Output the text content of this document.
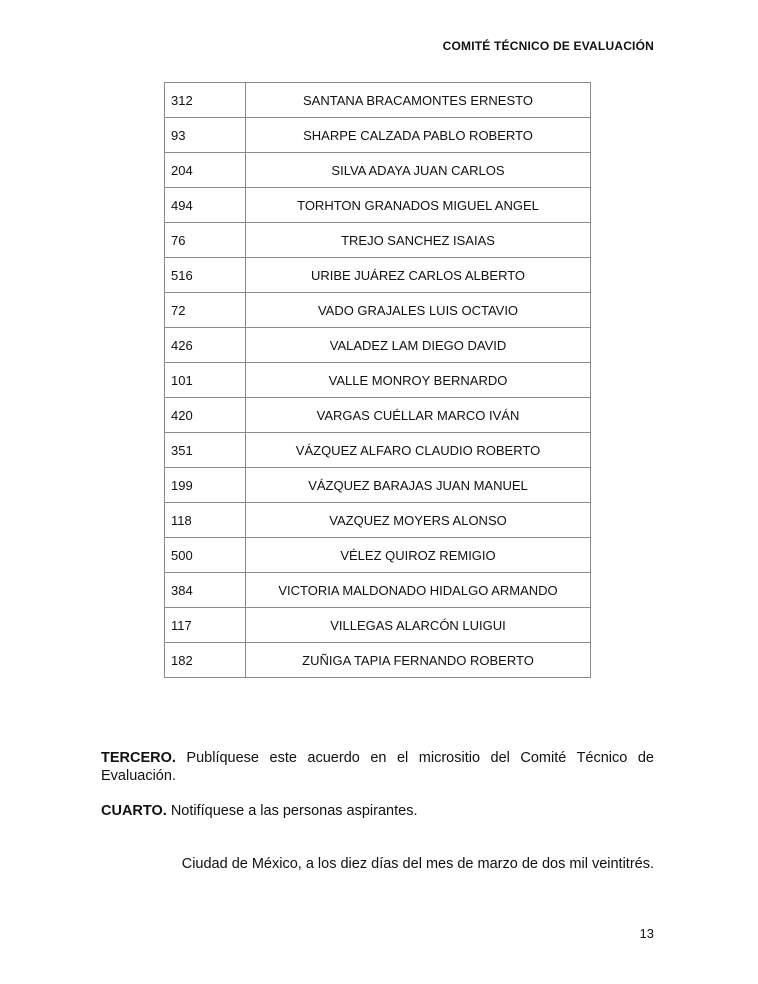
COMITÉ TÉCNICO DE EVALUACIÓN
312	SANTANA BRACAMONTES ERNESTO
93	SHARPE CALZADA PABLO ROBERTO
204	SILVA ADAYA JUAN CARLOS
494	TORHTON GRANADOS MIGUEL ANGEL
76	TREJO SANCHEZ ISAIAS
516	URIBE JUÁREZ CARLOS ALBERTO
72	VADO GRAJALES LUIS OCTAVIO
426	VALADEZ LAM DIEGO DAVID
101	VALLE MONROY BERNARDO
420	VARGAS CUÉLLAR MARCO IVÁN
351	VÁZQUEZ ALFARO CLAUDIO ROBERTO
199	VÁZQUEZ BARAJAS JUAN MANUEL
118	VAZQUEZ MOYERS ALONSO
500	VÉLEZ QUIROZ REMIGIO
384	VICTORIA MALDONADO HIDALGO ARMANDO
117	VILLEGAS ALARCÓN LUIGUI
182	ZUÑIGA TAPIA FERNANDO ROBERTO
TERCERO. Publíquese este acuerdo en el micrositio del Comité Técnico de Evaluación.
CUARTO. Notifíquese a las personas aspirantes.
Ciudad de México, a los diez días del mes de marzo de dos mil veintitrés.
13
